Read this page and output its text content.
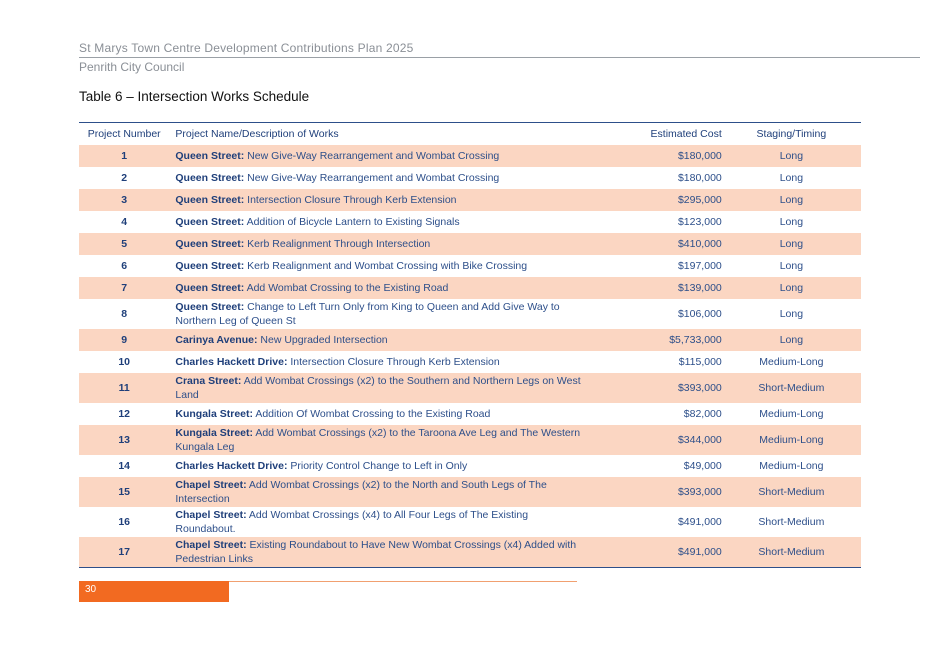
St Marys Town Centre Development Contributions Plan 2025
Penrith City Council
Table 6 – Intersection Works Schedule
Project Number	Project Name/Description of Works	Estimated Cost	Staging/Timing
1	Queen Street: New Give-Way Rearrangement and Wombat Crossing	$180,000	Long
2	Queen Street: New Give-Way Rearrangement and Wombat Crossing	$180,000	Long
3	Queen Street: Intersection Closure Through Kerb Extension	$295,000	Long
4	Queen Street: Addition of Bicycle Lantern to Existing Signals	$123,000	Long
5	Queen Street: Kerb Realignment Through Intersection	$410,000	Long
6	Queen Street: Kerb Realignment and Wombat Crossing with Bike Crossing	$197,000	Long
7	Queen Street: Add Wombat Crossing to the Existing Road	$139,000	Long
8	Queen Street: Change to Left Turn Only from King to Queen and Add Give Way to Northern Leg of Queen St	$106,000	Long
9	Carinya Avenue: New Upgraded Intersection	$5,733,000	Long
10	Charles Hackett Drive: Intersection Closure Through Kerb Extension	$115,000	Medium-Long
11	Crana Street: Add Wombat Crossings (x2) to the Southern and Northern Legs on West Land	$393,000	Short-Medium
12	Kungala Street: Addition Of Wombat Crossing to the Existing Road	$82,000	Medium-Long
13	Kungala Street: Add Wombat Crossings (x2) to the Taroona Ave Leg and The Western Kungala Leg	$344,000	Medium-Long
14	Charles Hackett Drive: Priority Control Change to Left in Only	$49,000	Medium-Long
15	Chapel Street: Add Wombat Crossings (x2) to the North and South Legs of The Intersection	$393,000	Short-Medium
16	Chapel Street: Add Wombat Crossings (x4) to All Four Legs of The Existing Roundabout.	$491,000	Short-Medium
17	Chapel Street: Existing Roundabout to Have New Wombat Crossings (x4) Added with Pedestrian Links	$491,000	Short-Medium
30
